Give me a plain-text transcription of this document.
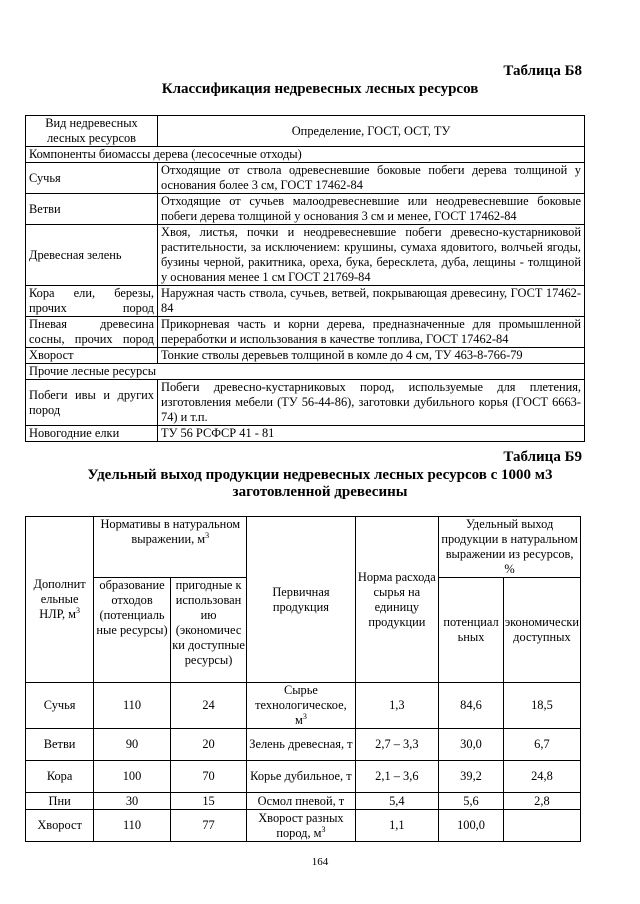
Таблица Б8
Классификация недревесных лесных ресурсов
Вид недревесных лесных ресурсов	Определение, ГОСТ, ОСТ, ТУ
Компоненты биомассы дерева (лесосечные отходы)	
Сучья	Отходящие от ствола одревесневшие боковые побеги дерева толщиной у основания более 3 см, ГОСТ 17462-84
Ветви	Отходящие от сучьев малоодревесневшие или неодревесневшие боковые побеги дерева толщиной у основания 3 см и менее, ГОСТ 17462-84
Древесная зелень	Хвоя, листья, почки и неодревесневшие побеги древесно-кустарниковой растительности, за исключением: крушины, сумаха ядовитого, волчьей ягоды, бузины черной, ракитника, ореха, бука, бересклета, дуба, лещины - толщиной у основания менее 1 см ГОСТ 21769-84
Кора ели, березы, прочих пород	Наружная часть ствола, сучьев, ветвей, покрывающая древесину, ГОСТ 17462-84
Пневая древесина сосны, прочих пород	Прикорневая часть и корни дерева, предназначенные для промышленной переработки и использования в качестве топлива, ГОСТ 17462-84
Хворост	Тонкие стволы деревьев толщиной в комле до 4 см, ТУ 463-8-766-79
Прочие лесные ресурсы	
Побеги ивы и других пород	Побеги древесно-кустарниковых пород, используемые для плетения, изготовления мебели (ТУ 56-44-86), заготовки дубильного корья (ГОСТ 6663-74) и т.п.
Новогодние елки	ТУ 56 РСФСР 41 - 81
Таблица Б9
Удельный выход продукции недревесных лесных ресурсов с 1000 м3
заготовленной древесины
Дополнит ельные НЛР, $м^3$	Нормативы в натуральном выражении, $м^3$		Первичная продукция	Норма расхода сырья на единицу продукции	Удельный выход продукции в натуральном выражении из ресурсов, %	
	образование отходов (потенциаль ные ресурсы)	пригодные к использован ию (экономичес ки доступные ресурсы)			потенциал ьных	экономически доступных
Сучья	110	24	Сырье технологическое, $м^3$	1,3	84,6	18,5
Ветви	90	20	Зелень древесная, т	2,7 – 3,3	30,0	6,7
Кора	100	70	Корье дубильное, т	2,1 – 3,6	39,2	24,8
Пни	30	15	Осмол пневой, т	5,4	5,6	2,8
Хворост	110	77	Хворост разных пород, $м^3$	1,1	100,0	
164
